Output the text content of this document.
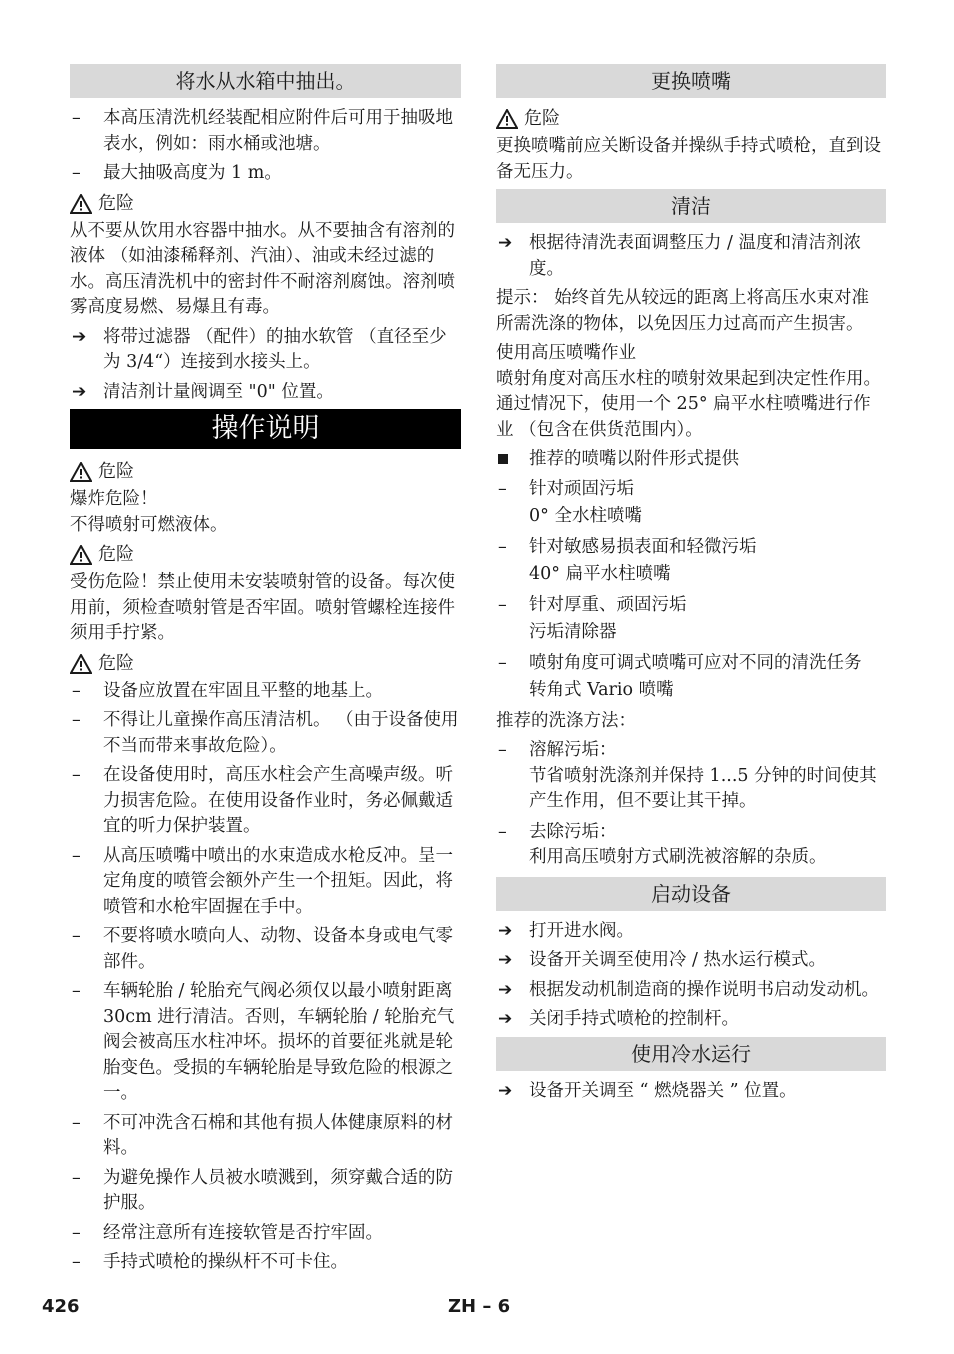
将水从水箱中抽出。
–
本高压清洗机经装配相应附件后可用于抽吸地表水，例如：雨水桶或池塘。
–
最大抽吸高度为 1 m。
危险
从不要从饮用水容器中抽水。从不要抽含有溶剂的液体 （如油漆稀释剂、汽油）、油或未经过滤的水。高压清洗机中的密封件不耐溶剂腐蚀。溶剂喷雾高度易燃、易爆且有毒。
➔ 将带过滤器 （配件）的抽水软管 （直径至少为 3/4“）连接到水接头上。
➔ 清洁剂计量阀调至 "0" 位置。
操作说明
危险
爆炸危险！
不得喷射可燃液体。
危险
受伤危险！禁止使用未安装喷射管的设备。每次使用前，须检查喷射管是否牢固。喷射管螺栓连接件须用手拧紧。
危险
–
设备应放置在牢固且平整的地基上。
–
不得让儿童操作高压清洁机。 （由于设备使用不当而带来事故危险）。
–
在设备使用时，高压水柱会产生高噪声级。听力损害危险。在使用设备作业时，务必佩戴适宜的听力保护装置。
–
从高压喷嘴中喷出的水束造成水枪反冲。呈一定角度的喷管会额外产生一个扭矩。因此，将喷管和水枪牢固握在手中。
–
不要将喷水喷向人、动物、设备本身或电气零部件。
–
车辆轮胎 / 轮胎充气阀必须仅以最小喷射距离 30cm 进行清洁。否则，车辆轮胎 / 轮胎充气阀会被高压水柱冲坏。损坏的首要征兆就是轮胎变色。受损的车辆轮胎是导致危险的根源之一。
–
不可冲洗含石棉和其他有损人体健康原料的材料。
–
为避免操作人员被水喷溅到，须穿戴合适的防护服。
–
经常注意所有连接软管是否拧牢固。
–
手持式喷枪的操纵杆不可卡住。
更换喷嘴
危险
更换喷嘴前应关断设备并操纵手持式喷枪，直到设备无压力。
清洁
➔ 根据待清洗表面调整压力 / 温度和清洁剂浓度。
提示： 始终首先从较远的距离上将高压水束对准所需洗涤的物体，以免因压力过高而产生损害。
使用高压喷嘴作业
喷射角度对高压水柱的喷射效果起到决定性作用。通过情况下，使用一个 25° 扁平水柱喷嘴进行作业 （包含在供货范围内）。
推荐的喷嘴以附件形式提供
–
针对顽固污垢
0° 全水柱喷嘴
–
针对敏感易损表面和轻微污垢
40° 扁平水柱喷嘴
–
针对厚重、顽固污垢
污垢清除器
–
喷射角度可调式喷嘴可应对不同的清洗任务
转角式 Vario 喷嘴
推荐的洗涤方法：
–
溶解污垢：
节省喷射洗涤剂并保持 1...5 分钟的时间使其产生作用，但不要让其干掉。
–
去除污垢：
利用高压喷射方式刷洗被溶解的杂质。
启动设备
➔ 打开进水阀。
➔ 设备开关调至使用冷 / 热水运行模式。
➔ 根据发动机制造商的操作说明书启动发动机。
➔ 关闭手持式喷枪的控制杆。
使用冷水运行
➔ 设备开关调至 “ 燃烧器关 ” 位置。
426	ZH – 6
